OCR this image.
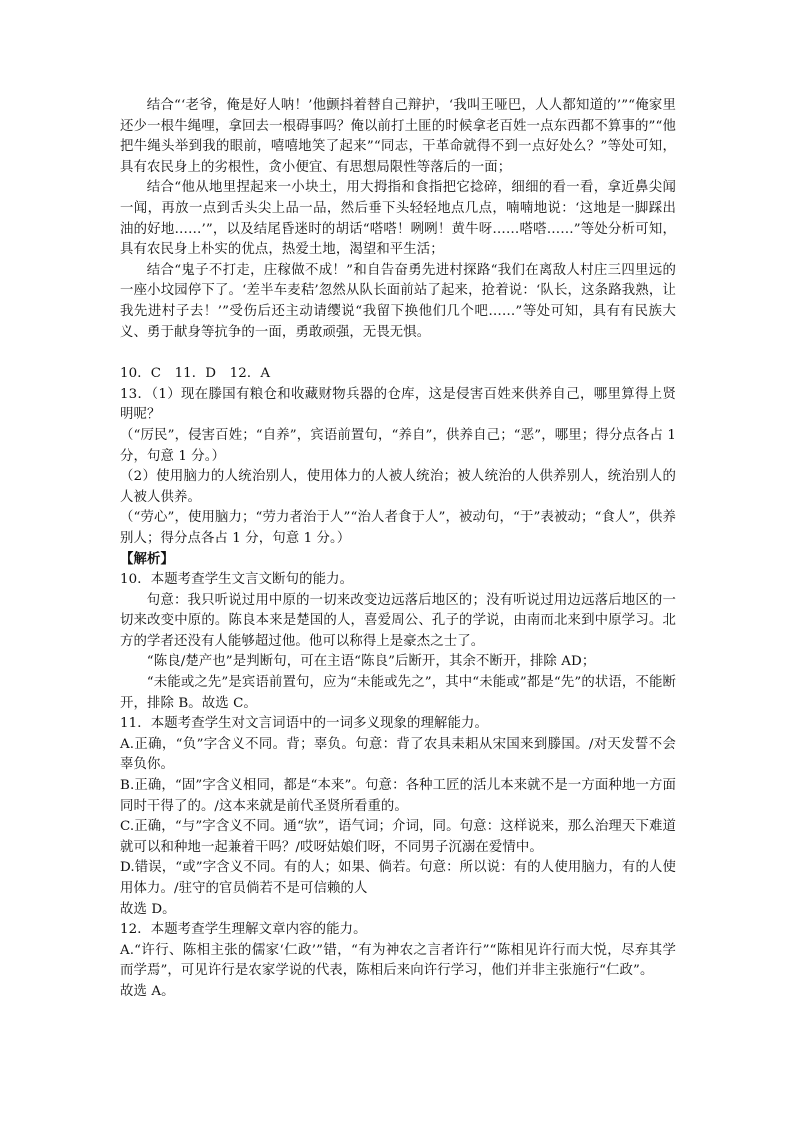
结合“‘老爷，俺是好人呐！’他颤抖着替自己辩护，‘我叫王哑巴，人人都知道的’”“俺家里还少一根牛绳哩，拿回去一根碍事吗？俺以前打土匪的时候拿老百姓一点东西都不算事的”“他把牛绳头举到我的眼前，嘻嘻地笑了起来”“同志，干革命就得不到一点好处么？”等处可知，具有农民身上的劣根性，贪小便宜、有思想局限性等落后的一面；

结合“他从地里捏起来一小块土，用大拇指和食指把它捻碎，细细的看一看，拿近鼻尖闻一闻，再放一点到舌头尖上品一品，然后垂下头轻轻地点几点，喃喃地说：‘这地是一脚踩出油的好地……’”，以及结尾昏迷时的胡话“嗒嗒！咧咧！黄牛呀……嗒嗒……”等处分析可知，具有农民身上朴实的优点，热爱土地，渴望和平生活；

结合“鬼子不打走，庄稼做不成！”和自告奋勇先进村探路“我们在离敌人村庄三四里远的一座小坟园停下了。‘差半车麦秸’忽然从队长面前站了起来，抢着说：‘队长，这条路我熟，让我先进村子去！’”受伤后还主动请缨说“我留下换他们几个吧……”等处可知，具有有民族大义、勇于献身等抗争的一面，勇敢顽强，无畏无惧。

10．C　11．D　12．A

13．（1）现在滕国有粮仓和收藏财物兵器的仓库，这是侵害百姓来供养自己，哪里算得上贤明呢？

（“厉民”，侵害百姓；“自养”，宾语前置句，“养自”，供养自己；“恶”，哪里；得分点各占 1 分，句意 1 分。）

（2）使用脑力的人统治别人，使用体力的人被人统治；被人统治的人供养别人，统治别人的人被人供养。

（“劳心”，使用脑力；“劳力者治于人”“治人者食于人”，被动句，“于”表被动；“食人”，供养别人；得分点各占 1 分，句意 1 分。）

【解析】

10．本题考查学生文言文断句的能力。

句意：我只听说过用中原的一切来改变边远落后地区的；没有听说过用边远落后地区的一切来改变中原的。陈良本来是楚国的人，喜爱周公、孔子的学说，由南而北来到中原学习。北方的学者还没有人能够超过他。他可以称得上是豪杰之士了。

“陈良/楚产也”是判断句，可在主语“陈良”后断开，其余不断开，排除 AD；

“未能或之先”是宾语前置句，应为“未能或先之”，其中“未能或”都是“先”的状语，不能断开，排除 B。故选 C。

11．本题考查学生对文言词语中的一词多义现象的理解能力。

A.正确，“负”字含义不同。背；辜负。句意：背了农具耒耜从宋国来到滕国。/对天发誓不会辜负你。

B.正确，“固”字含义相同，都是“本来”。句意：各种工匠的活儿本来就不是一方面种地一方面同时干得了的。/这本来就是前代圣贤所看重的。

C.正确，“与”字含义不同。通“欤”，语气词；介词，同。句意：这样说来，那么治理天下难道就可以和种地一起兼着干吗？/哎呀姑娘们呀，不同男子沉溺在爱情中。

D.错误，“或”字含义不同。有的人；如果、倘若。句意：所以说：有的人使用脑力，有的人使用体力。/驻守的官员倘若不是可信赖的人

故选 D。

12．本题考查学生理解文章内容的能力。

A.“许行、陈相主张的儒家‘仁政’”错，“有为神农之言者许行”“陈相见许行而大悦，尽弃其学而学焉”，可见许行是农家学说的代表，陈相后来向许行学习，他们并非主张施行“仁政”。

故选 A。
